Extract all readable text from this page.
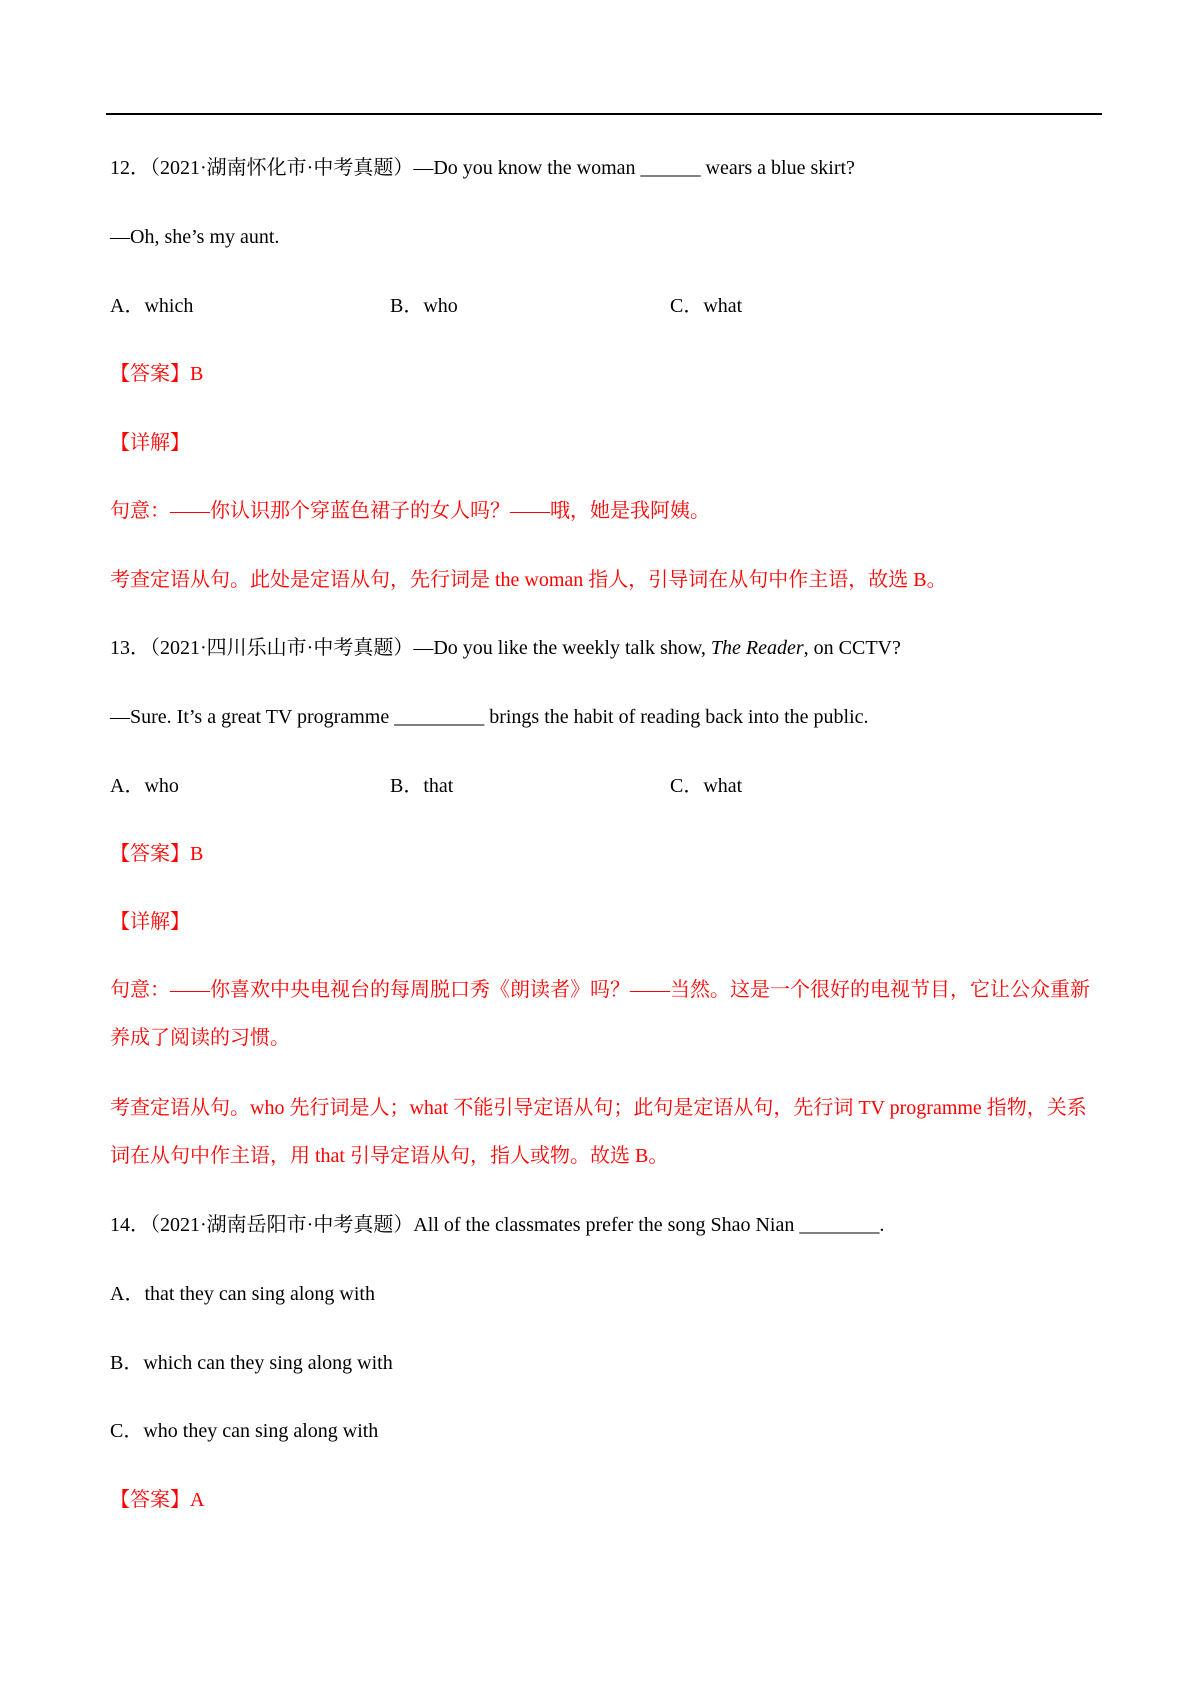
12．（2021·湖南怀化市·中考真题）—Do you know the woman ______ wears a blue skirt?
—Oh, she’s my aunt.
A．which	B．who	C．what
【答案】B
【详解】
句意：——你认识那个穿蓝色裙子的女人吗？——哦，她是我阿姨。
考查定语从句。此处是定语从句，先行词是 the woman 指人，引导词在从句中作主语，故选 B。
13．（2021·四川乐山市·中考真题）—Do you like the weekly talk show, The Reader, on CCTV?
—Sure. It’s a great TV programme _________ brings the habit of reading back into the public.
A．who	B．that	C．what
【答案】B
【详解】
句意：——你喜欢中央电视台的每周脱口秀《朗读者》吗？——当然。这是一个很好的电视节目，它让公众重新养成了阅读的习惯。
考查定语从句。who 先行词是人；what 不能引导定语从句；此句是定语从句，先行词 TV programme 指物，关系词在从句中作主语，用 that 引导定语从句，指人或物。故选 B。
14．（2021·湖南岳阳市·中考真题）All of the classmates prefer the song Shao Nian ________.
A．that they can sing along with
B．which can they sing along with
C．who they can sing along with
【答案】A
